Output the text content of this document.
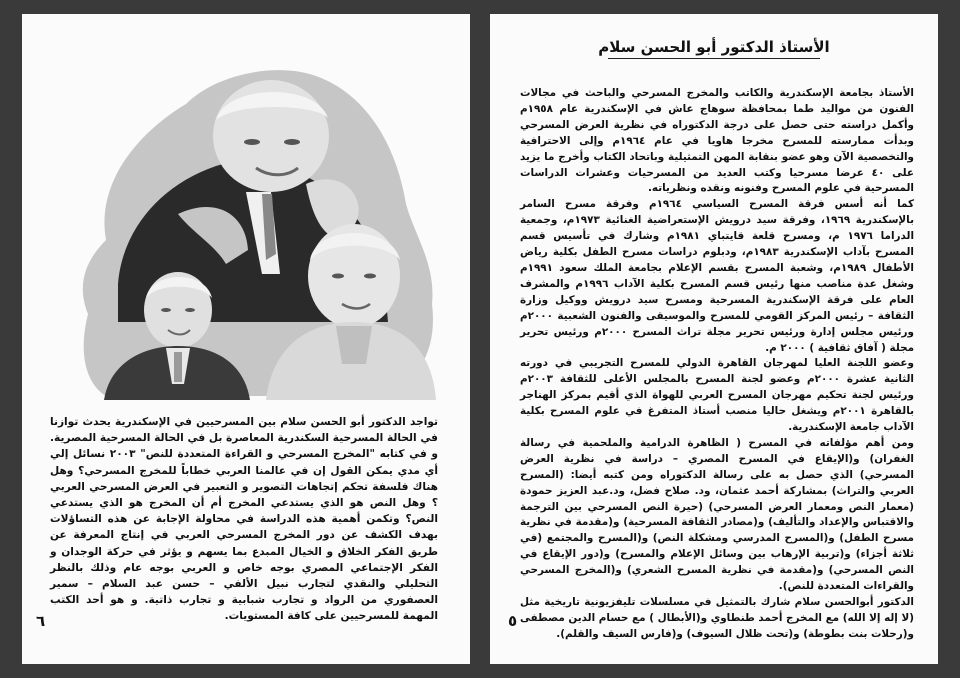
تواجد الدكتور أبو الحسن سلام بين المسرحيين في الإسكندرية يحدث توازنا في الحالة المسرحية السكندرية المعاصرة بل في الحالة المسرحية المصرية. و في كتابه "المخرج المسرحي و القراءة المتعددة للنص" ٢٠٠٣ نسائل إلي أي مدي يمكن القول إن في عالمنا العربي خطاباً للمخرج المسرحي؟ وهل هناك فلسفة تحكم إتجاهات التصوير و التعبير في العرض المسرحي العربي ؟ وهل النص هو الذي يستدعي المخرج أم أن المخرج هو الذي يستدعي النص؟ وتكمن أهمية هذه الدراسة في محاولة الإجابة عن هذه التساؤلات بهدف الكشف عن دور المخرج المسرحي العربي في إنتاج المعرفة عن طريق الفكر الخلاق و الخيال المبدع بما يسهم و يؤثر في حركة الوجدان و الفكر الإجتماعي المصري بوجه خاص و العربي بوجه عام وذلك بالنظر التحليلي والنقدي لتجارب نبيل الألفي – حسن عبد السلام – سمير العصفوري من الرواد و تجارب شبابية و تجارب ذاتية. و هو أحد الكتب المهمة للمسرحيين على كافة المستويات.

٦
الأستاذ الدكتور أبو الحسن سلام

الأستاذ بجامعة الإسكندرية والكاتب والمخرج المسرحي والباحث في مجالات الفنون من مواليد طما بمحافظة سوهاج عاش في الإسكندرية عام ١٩٥٨م وأكمل دراسته حتى حصل على درجة الدكتوراه في نظرية العرض المسرحي وبدأت ممارسته للمسرح مخرجا هاويا في عام ١٩٦٤م وإلى الاحترافية والتخصصية الآن وهو عضو بنقابة المهن التمثيلية وباتحاد الكتاب وأخرج ما يزيد على ٤٠ عرضا مسرحيا وكتب العديد من المسرحيات وعشرات الدراسات المسرحية في علوم المسرح وفنونه ونقده ونظرياته.

كما أنه أسس فرقة المسرح السياسي ١٩٦٤م وفرقة مسرح السامر بالإسكندرية ١٩٦٩، وفرقة سيد درويش الإستعراضية الغنائية ١٩٧٣م، وجمعية الدراما ١٩٧٦ م، ومسرح قلعة قايتباي ١٩٨١م وشارك في تأسيس قسم المسرح بآداب الإسكندرية ١٩٨٣م، ودبلوم دراسات مسرح الطفل بكلية رياض الأطفال ١٩٨٩م، وشعبة المسرح بقسم الإعلام بجامعة الملك سعود ١٩٩١م وشغل عدة مناصب منها رئيس قسم المسرح بكلية الآداب ١٩٩٦م والمشرف العام على فرقة الإسكندرية المسرحية ومسرح سيد درويش ووكيل وزارة الثقافة – رئيس المركز القومي للمسرح والموسيقى والفنون الشعبية ٢٠٠٠م ورئيس مجلس إدارة ورئيس تحرير مجلة تراث المسرح ٢٠٠٠م ورئيس تحرير مجلة ( آفاق ثقافية ) ٢٠٠٠ م.

وعضو اللجنة العليا لمهرجان القاهرة الدولي للمسرح التجريبي في دورته الثانية عشرة ٢٠٠٠م وعضو لجنة المسرح بالمجلس الأعلى للثقافة ٢٠٠٣م ورئيس لجنة تحكيم مهرجان المسرح العربي للهواة الذي أقيم بمركز الهناجر بالقاهرة ٢٠٠١م ويشغل حاليا منصب أستاذ المتفرغ في علوم المسرح بكلية الآداب جامعة الإسكندرية.

ومن أهم مؤلفاته في المسرح ( الظاهرة الدرامية والملحمية في رسالة الغفران) و(الإيقاع في المسرح المصري – دراسة في نظرية العرض المسرحي) الذي حصل به على رسالة الدكتوراه ومن كتبه أيضا: (المسرح العربي والتراث) بمشاركة أحمد عثمان، ود. صلاح فضل، ود.عبد العزيز حمودة (معمار النص ومعمار العرض المسرحي) (حيرة النص المسرحي بين الترجمة والاقتباس والإعداد والتأليف) و(مصادر الثقافة المسرحية) و(مقدمة في نظرية مسرح الطفل) و(المسرح المدرسي ومشكلة النص) و(المسرح والمجتمع (في ثلاثة أجزاء) و(تربية الإرهاب بين وسائل الإعلام والمسرح) و(دور الإيقاع في النص المسرحي) و(مقدمة في نظرية المسرح الشعري) و(المخرج المسرحي والقراءات المتعددة للنص).

الدكتور أبوالحسن سلام شارك بالتمثيل في مسلسلات تليفزيونية تاريخية مثل (لا إله إلا الله) مع المخرج أحمد طنطاوي و(الأبطال ) مع حسام الدين مصطفى و(رحلات بنت بطوطة) و(تحت ظلال السيوف) و(فارس السيف والقلم).

٥
